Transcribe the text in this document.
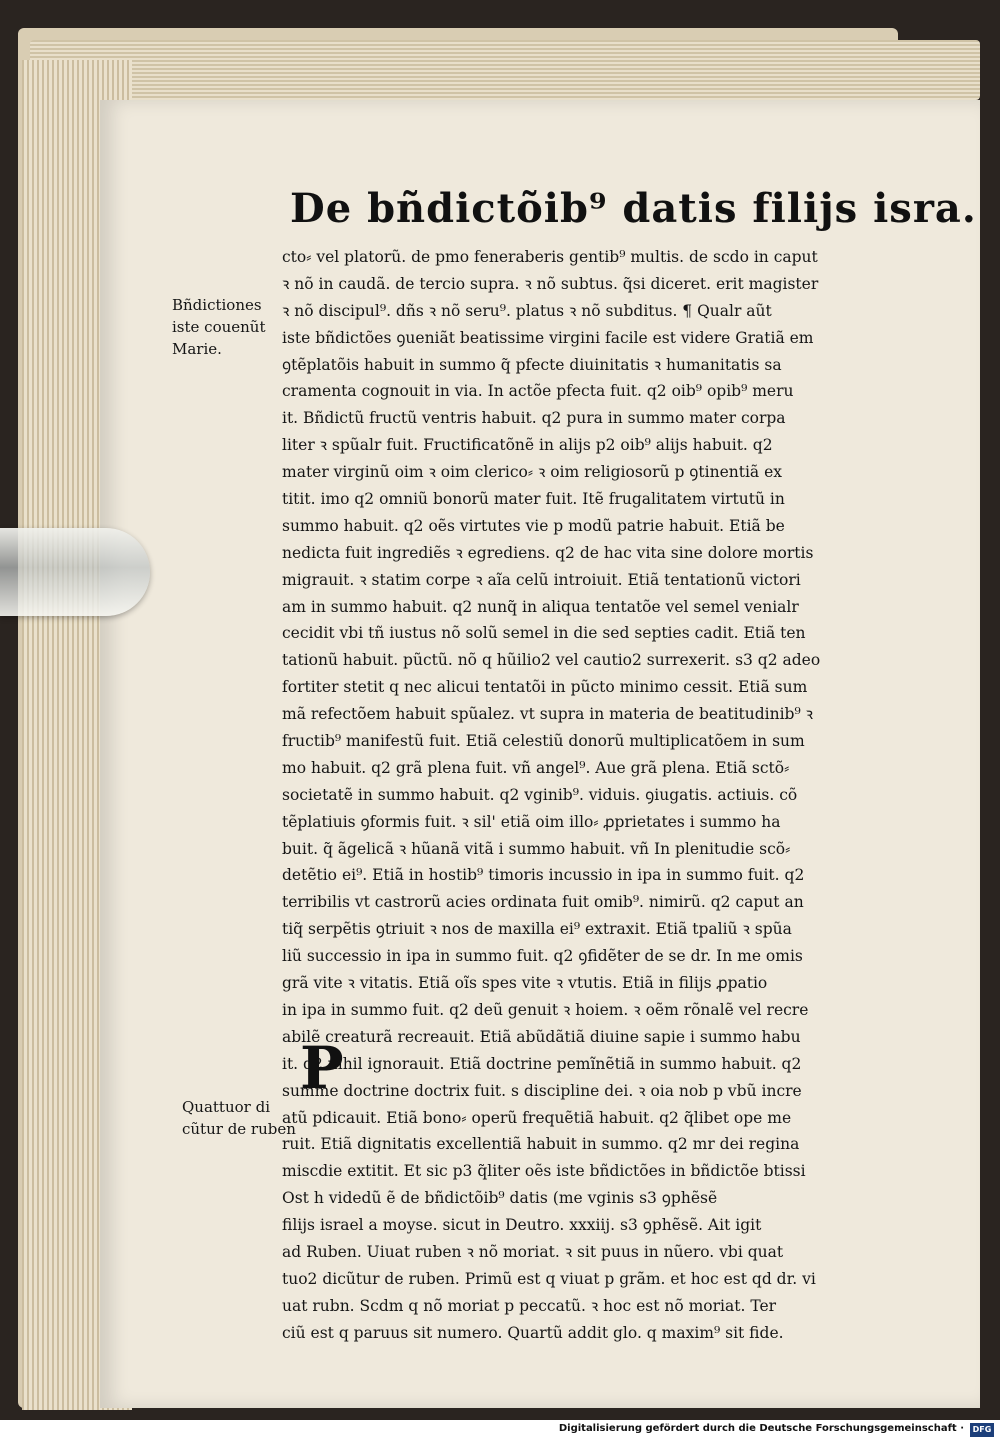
De bñdictõib⁹ datis filijs isra.
Bñdictiones
iste couenũt
Marie.
Quattuor di
cũtur de ruben
cto⸗ vel platorũ. de pmo feneraberis gentib⁹ multis. de scdo in caput
ꝛ nõ in caudã. de tercio supra. ꝛ nõ subtus. q̃si diceret. erit magister
ꝛ nõ discipul⁹. dñs ꝛ nõ seru⁹. platus ꝛ nõ subditus. ¶ Qualr aũt
iste bñdictões ꝯueniãt beatissime virgini facile est videre Gratiã em
ꝯtẽplatõis habuit in summo q̃ pfecte diuinitatis ꝛ humanitatis sa
cramenta cognouit in via. In actõe pfecta fuit. q2 oib⁹ opib⁹ meru
it. Bñdictũ fructũ ventris habuit. q2 pura in summo mater corpa
liter ꝛ spũalr fuit. Fructificatõnẽ in alijs p2 oib⁹ alijs habuit. q2
mater virginũ oim ꝛ oim clerico⸗ ꝛ oim religiosorũ p ꝯtinentiã ex
titit. imo q2 omniũ bonorũ mater fuit. Itẽ frugalitatem virtutũ in
summo habuit. q2 oẽs virtutes vie p modũ patrie habuit. Etiã be
nedicta fuit ingrediẽs ꝛ egrediens. q2 de hac vita sine dolore mortis
migrauit. ꝛ statim corpe ꝛ aĩa celũ introiuit. Etiã tentationũ victori
am in summo habuit. q2 nunq̃ in aliqua tentatõe vel semel venialr
cecidit vbi tñ iustus nõ solũ semel in die sed septies cadit. Etiã ten
tationũ habuit. pũctũ. nõ q hũilio2 vel cautio2 surrexerit. s3 q2 adeo
fortiter stetit q nec alicui tentatõi in pũcto minimo cessit. Etiã sum
mã refectõem habuit spũalez. vt supra in materia de beatitudinib⁹ ꝛ
fructib⁹ manifestũ fuit. Etiã celestiũ donorũ multiplicatõem in sum
mo habuit. q2 grã plena fuit. vñ angel⁹. Aue grã plena. Etiã sctõ⸗
societatẽ in summo habuit. q2 vginib⁹. viduis. ꝯiugatis. actiuis. cõ
tẽplatiuis ꝯformis fuit. ꝛ sil' etiã oim illo⸗ ꝓprietates i summo ha
buit. q̃ ãgelicã ꝛ hũanã vitã i summo habuit. vñ In plenitudie scõ⸗
detẽtio ei⁹. Etiã in hostib⁹ timoris incussio in ipa in summo fuit. q2
terribilis vt castrorũ acies ordinata fuit omib⁹. nimirũ. q2 caput an
tiq̃ serpẽtis ꝯtriuit ꝛ nos de maxilla ei⁹ extraxit. Etiã tpaliũ ꝛ spũa
liũ successio in ipa in summo fuit. q2 ꝯfidẽter de se dr. In me omis
grã vite ꝛ vitatis. Etiã oĩs spes vite ꝛ vtutis. Etiã in filijs ꝓpatio
in ipa in summo fuit. q2 deũ genuit ꝛ hoiem. ꝛ oẽm rõnalẽ vel recre
abilẽ creaturã recreauit. Etiã abũdãtiã diuine sapie i summo habu
it. q2 nihil ignorauit. Etiã doctrine pemĩnẽtiã in summo habuit. q2
summe doctrine doctrix fuit. s discipline dei. ꝛ oia nob p vbũ incre
atũ pdicauit. Etiã bono⸗ operũ frequẽtiã habuit. q2 q̃libet ope me
ruit. Etiã dignitatis excellentiã habuit in summo. q2 mr dei regina
miscdie extitit. Et sic p3 q̃liter oẽs iste bñdictões in bñdictõe btissi
Ost h videdũ ẽ de bñdictõib⁹ datis (me vginis s3 ꝯphẽsẽ
filijs israel a moyse. sicut in Deutro. xxxiij. s3 ꝯphẽsẽ. Ait igit
ad Ruben. Uiuat ruben ꝛ nõ moriat. ꝛ sit puus in nũero. vbi quat
tuo2 dicũtur de ruben. Primũ est q viuat p grãm. et hoc est qd dr. vi
uat rubn. Scdm q nõ moriat p peccatũ. ꝛ hoc est nõ moriat. Ter
ciũ est q paruus sit numero. Quartũ addit glo. q maxim⁹ sit fide.
P
Digitalisierung gefördert durch die Deutsche Forschungsgemeinschaft ·	DFG
